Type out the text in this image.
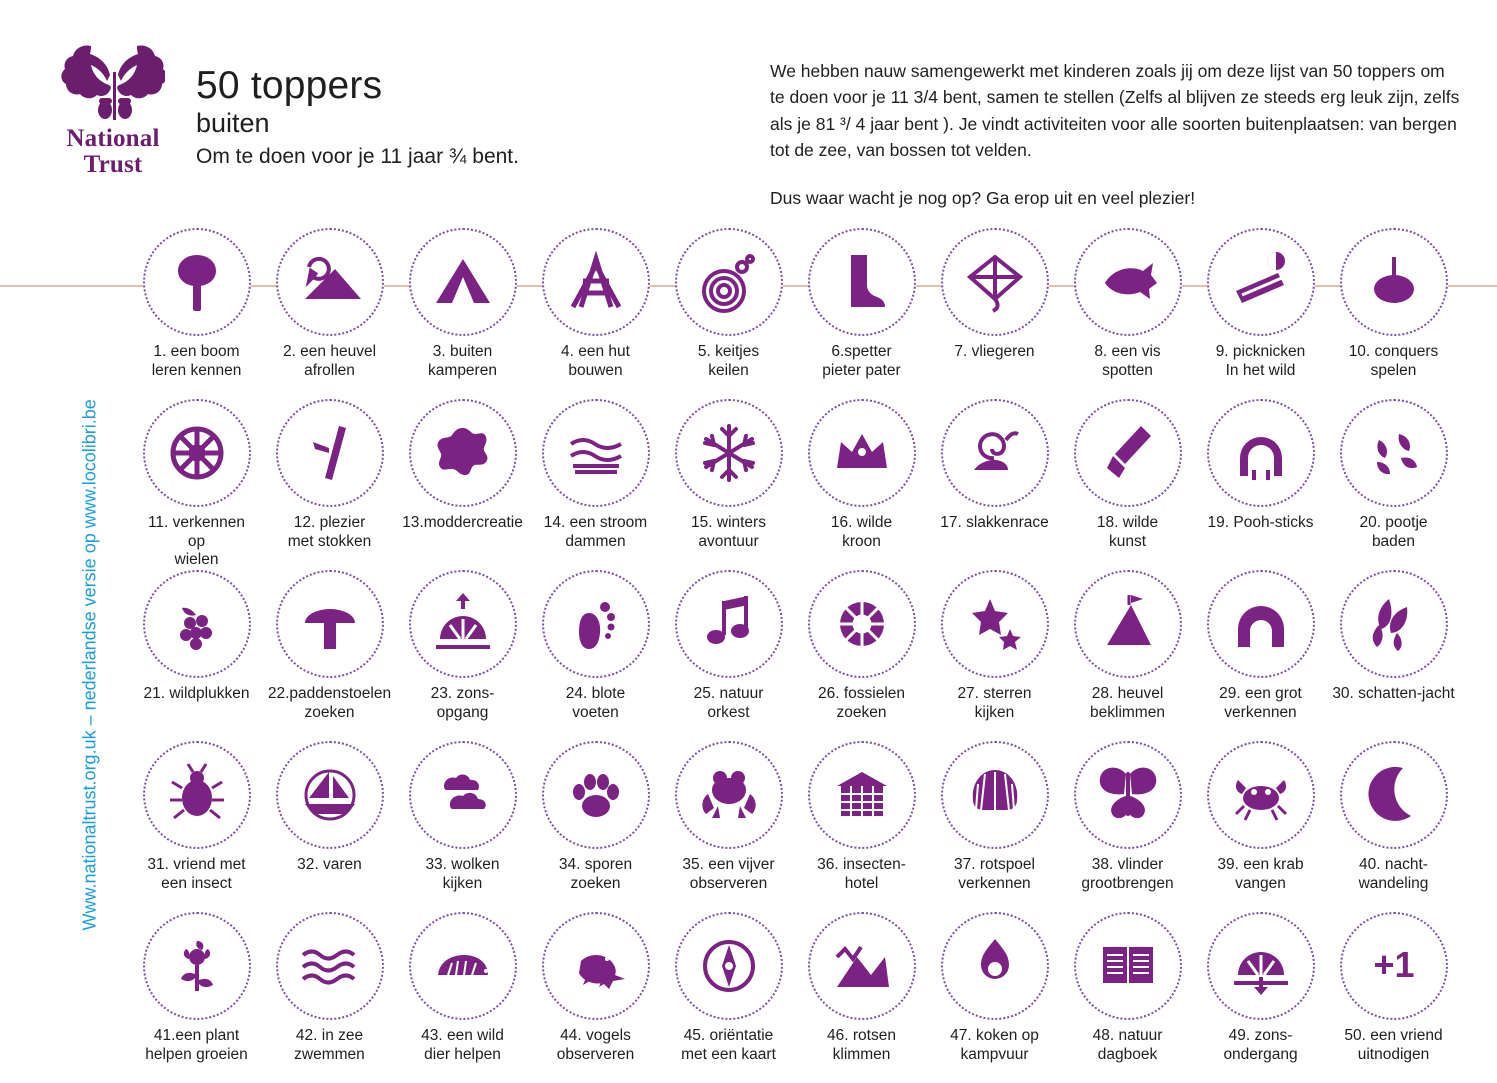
National
Trust
50 toppers
buiten
Om te doen voor je 11 jaar ¾ bent.

We hebben nauw samengewerkt met kinderen zoals jij om deze lijst van 50 toppers om te doen voor je 11 3/4 bent, samen te stellen (Zelfs al blijven ze steeds erg leuk zijn, zelfs als je 81 ³/ 4 jaar bent ). Je vindt activiteiten voor alle soorten buitenplaatsen: van bergen tot de zee, van bossen tot velden.

Dus waar wacht je nog op? Ga erop uit en veel plezier!

Www.nationaltrust.org.uk – nederlandse versie op www.locolibri.be
1. een boom
leren kennen
2. een heuvel
afrollen
3. buiten
kamperen
4. een hut
bouwen
5. keitjes
keilen
6.spetter
pieter pater
7. vliegeren	8. een vis
spotten
9. picknicken
In het wild
10. conquers
spelen
11. verkennen
op
wielen
12. plezier
met stokken
13.moddercreatie	14. een stroom
dammen
15. winters
avontuur
16. wilde
kroon
17. slakkenrace	18. wilde
kunst
19. Pooh-sticks	20. pootje
baden
21. wildplukken	22.paddenstoelen
zoeken
23. zons-
opgang
24. blote
voeten
25. natuur
orkest
26. fossielen
zoeken
27. sterren
kijken
28. heuvel
beklimmen
29. een grot
verkennen
30. schatten-jacht
31. vriend met
een insect
32. varen	33. wolken
kijken
34. sporen
zoeken
35. een vijver
observeren
36. insecten-
hotel
37. rotspoel
verkennen
38. vlinder
grootbrengen
39. een krab
vangen
40. nacht-
wandeling
41.een plant
helpen groeien
42. in zee
zwemmen
43. een wild
dier helpen
44. vogels
observeren
45. oriëntatie
met een kaart
46. rotsen
klimmen
47. koken op
kampvuur
48. natuur
dagboek
49. zons-
ondergang
+1
50. een vriend
uitnodigen
